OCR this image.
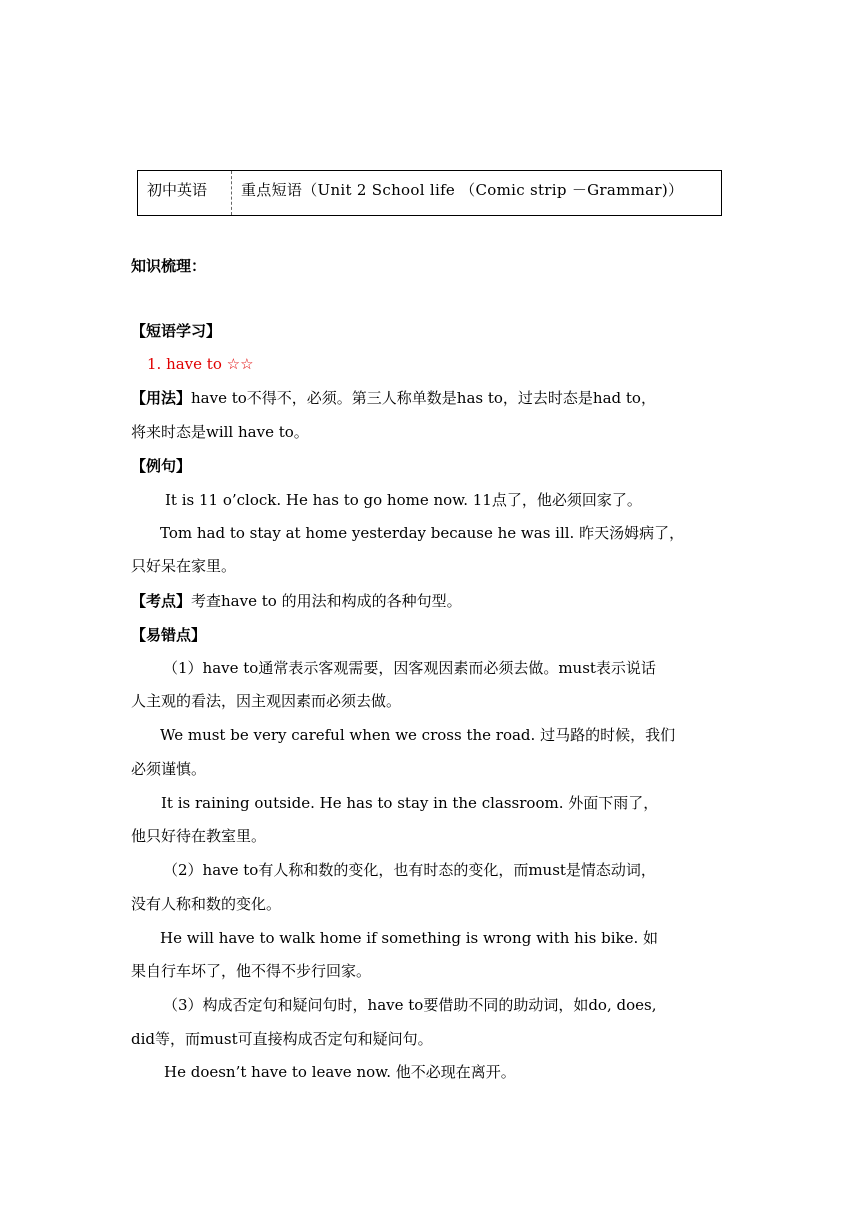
初中英语	重点短语（Unit 2 School life （Comic strip －Grammar)）
知识梳理：
【短语学习】
1. have to ☆☆
【用法】have to不得不，必须。第三人称单数是has to，过去时态是had to，
将来时态是will have to。
【例句】
It is 11 o’clock. He has to go home now. 11点了，他必须回家了。
Tom had to stay at home yesterday because he was ill. 昨天汤姆病了，
只好呆在家里。
【考点】考查have to 的用法和构成的各种句型。
【易错点】
（1）have to通常表示客观需要，因客观因素而必须去做。must表示说话
人主观的看法，因主观因素而必须去做。
We must be very careful when we cross the road. 过马路的时候，我们
必须谨慎。
It is raining outside. He has to stay in the classroom. 外面下雨了，
他只好待在教室里。
（2）have to有人称和数的变化，也有时态的变化，而must是情态动词，
没有人称和数的变化。
He will have to walk home if something is wrong with his bike. 如
果自行车坏了，他不得不步行回家。
（3）构成否定句和疑问句时，have to要借助不同的助动词，如do, does,
did等，而must可直接构成否定句和疑问句。
He doesn’t have to leave now. 他不必现在离开。
